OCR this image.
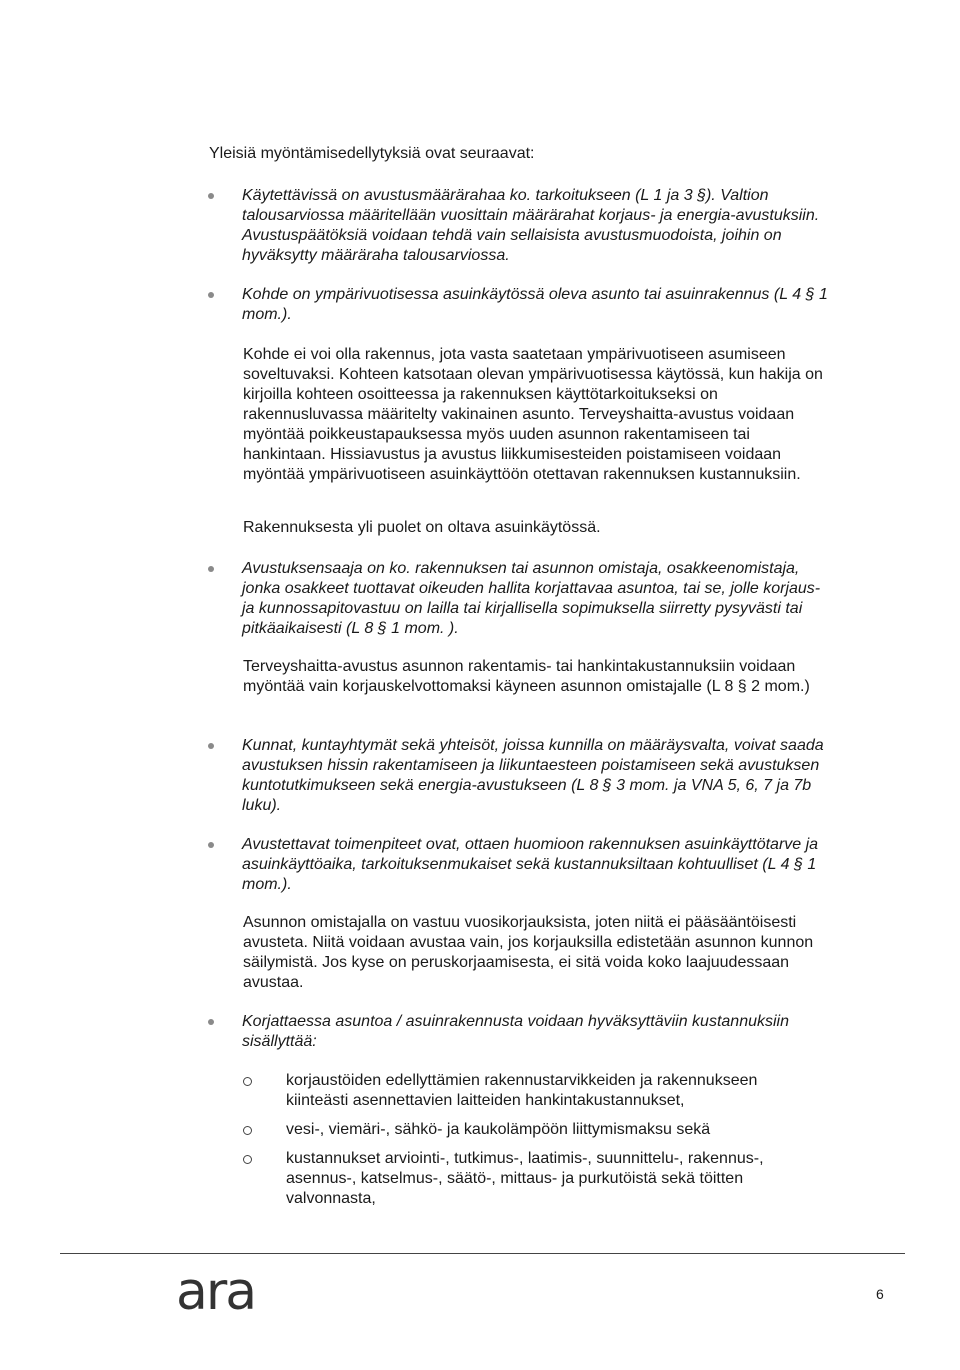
Yleisiä myöntämisedellytyksiä ovat seuraavat:

Käytettävissä on avustusmäärärahaa ko. tarkoitukseen (L 1 ja 3 §). Valtion talousarviossa määritellään vuosittain määrärahat korjaus- ja energia-avustuksiin. Avustuspäätöksiä voidaan tehdä vain sellaisista avustusmuodoista, joihin on hyväksytty määräraha talousarviossa.

Kohde on ympärivuotisessa asuinkäytössä oleva asunto tai asuinrakennus (L 4 § 1 mom.).

Kohde ei voi olla rakennus, jota vasta saatetaan ympärivuotiseen asumiseen soveltuvaksi. Kohteen katsotaan olevan ympärivuotisessa käytössä, kun hakija on kirjoilla kohteen osoitteessa ja rakennuksen käyttötarkoitukseksi on rakennusluvassa määritelty vakinainen asunto. Terveyshaitta-avustus voidaan myöntää poikkeustapauksessa myös uuden asunnon rakentamiseen tai hankintaan. Hissiavustus ja avustus liikkumisesteiden poistamiseen voidaan myöntää ympärivuotiseen asuinkäyttöön otettavan rakennuksen kustannuksiin.

Rakennuksesta yli puolet on oltava asuinkäytössä.

Avustuksensaaja on ko. rakennuksen tai asunnon omistaja, osakkeenomistaja, jonka osakkeet tuottavat oikeuden hallita korjattavaa asuntoa, tai se, jolle korjaus- ja kunnossapitovastuu on lailla tai kirjallisella sopimuksella siirretty pysyvästi tai pitkäaikaisesti (L 8 § 1 mom. ).

Terveyshaitta-avustus asunnon rakentamis- tai hankintakustannuksiin voidaan myöntää vain korjauskelvottomaksi käyneen asunnon omistajalle (L 8 § 2 mom.)

Kunnat, kuntayhtymät sekä yhteisöt, joissa kunnilla on määräysvalta, voivat saada avustuksen hissin rakentamiseen ja liikuntaesteen poistamiseen sekä avustuksen kuntotutkimukseen sekä energia-avustukseen (L 8 § 3 mom. ja VNA 5, 6, 7 ja 7b luku).

Avustettavat toimenpiteet ovat, ottaen huomioon rakennuksen asuinkäyttötarve ja asuinkäyttöaika, tarkoituksenmukaiset sekä kustannuksiltaan kohtuulliset (L 4 § 1 mom.).

Asunnon omistajalla on vastuu vuosikorjauksista, joten niitä ei pääsääntöisesti avusteta. Niitä voidaan avustaa vain, jos korjauksilla edistetään asunnon kunnon säilymistä. Jos kyse on peruskorjaamisesta, ei sitä voida koko laajuudessaan avustaa.

Korjattaessa asuntoa / asuinrakennusta voidaan hyväksyttäviin kustannuksiin sisällyttää:

korjaustöiden edellyttämien rakennustarvikkeiden ja rakennukseen kiinteästi asennettavien laitteiden hankintakustannukset,

vesi-, viemäri-, sähkö- ja kaukolämpöön liittymismaksu sekä

kustannukset arviointi-, tutkimus-, laatimis-, suunnittelu-, rakennus-, asennus-, katselmus-, säätö-, mittaus- ja purkutöistä sekä töitten valvonnasta,

ara	6
